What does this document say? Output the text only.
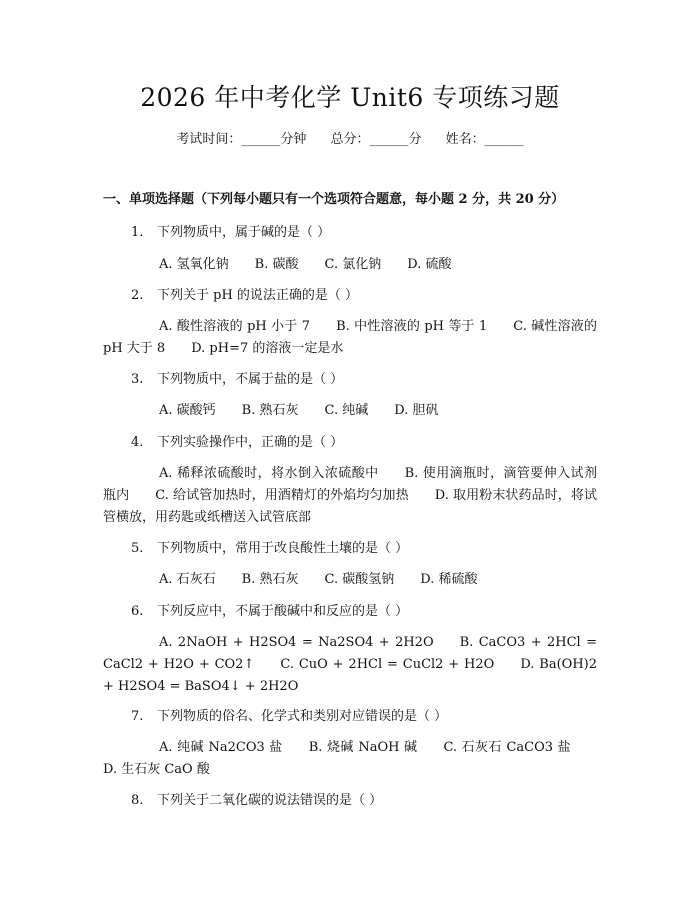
2026 年中考化学 Unit6 专项练习题
考试时间：______分钟 总分：______分 姓名：______
一、单项选择题（下列每小题只有一个选项符合题意，每小题 2 分，共 20 分）
1. 下列物质中，属于碱的是（ ）
A. 氢氧化钠 B. 碳酸 C. 氯化钠 D. 硫酸
2. 下列关于 pH 的说法正确的是（ ）
A. 酸性溶液的 pH 小于 7 B. 中性溶液的 pH 等于 1 C. 碱性溶液的 pH 大于 8 D. pH=7 的溶液一定是水
3. 下列物质中，不属于盐的是（ ）
A. 碳酸钙 B. 熟石灰 C. 纯碱 D. 胆矾
4. 下列实验操作中，正确的是（ ）
A. 稀释浓硫酸时，将水倒入浓硫酸中 B. 使用滴瓶时，滴管要伸入试剂瓶内 C. 给试管加热时，用酒精灯的外焰均匀加热 D. 取用粉末状药品时，将试管横放，用药匙或纸槽送入试管底部
5. 下列物质中，常用于改良酸性土壤的是（ ）
A. 石灰石 B. 熟石灰 C. 碳酸氢钠 D. 稀硫酸
6. 下列反应中，不属于酸碱中和反应的是（ ）
A. 2NaOH + H2SO4 = Na2SO4 + 2H2O B. CaCO3 + 2HCl = CaCl2 + H2O + CO2↑ C. CuO + 2HCl = CuCl2 + H2O D. Ba(OH)2 + H2SO4 = BaSO4↓ + 2H2O
7. 下列物质的俗名、化学式和类别对应错误的是（ ）
A. 纯碱 Na2CO3 盐 B. 烧碱 NaOH 碱 C. 石灰石 CaCO3 盐D. 生石灰 CaO 酸
8. 下列关于二氧化碳的说法错误的是（ ）
